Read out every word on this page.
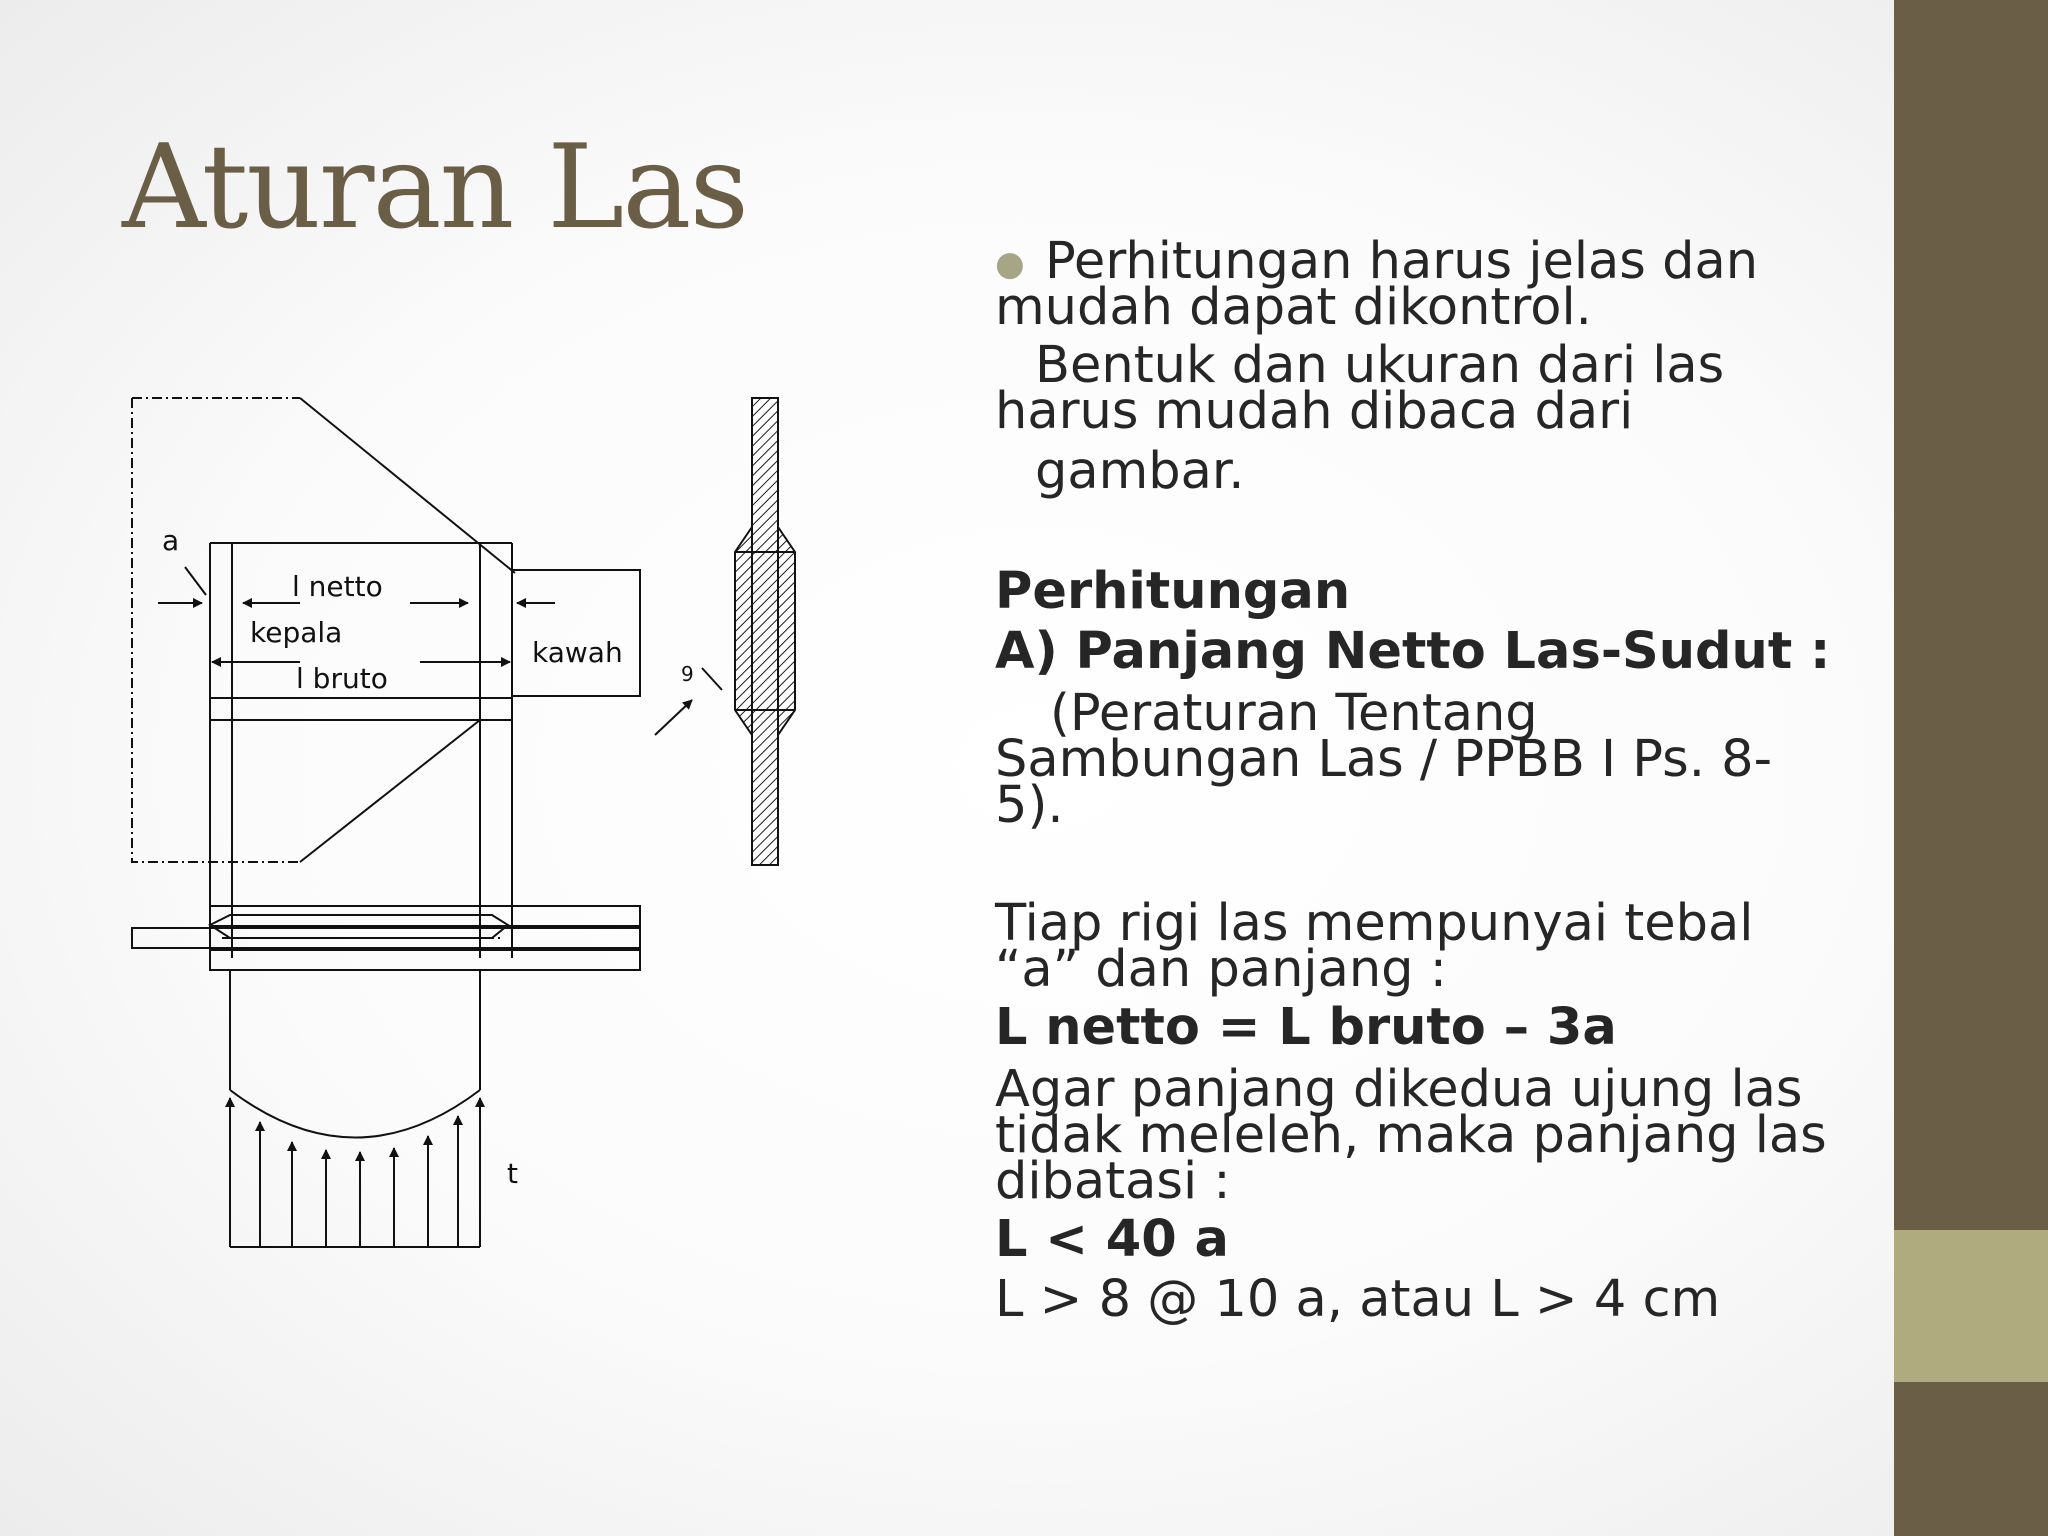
Aturan Las
a
l netto
kepala
l bruto
kawah
9
t
● Perhitungan harus jelas dan
mudah dapat dikontrol.
Bentuk dan ukuran dari las
harus mudah dibaca dari
gambar.
Perhitungan
A) Panjang Netto Las-Sudut :
(Peraturan Tentang
Sambungan Las / PPBB I Ps. 8-
5).
Tiap rigi las mempunyai tebal
“a” dan panjang :
L netto = L bruto – 3a
Agar panjang dikedua ujung las
tidak meleleh, maka panjang las
dibatasi :
L < 40 a
L > 8 @ 10 a, atau L > 4 cm
